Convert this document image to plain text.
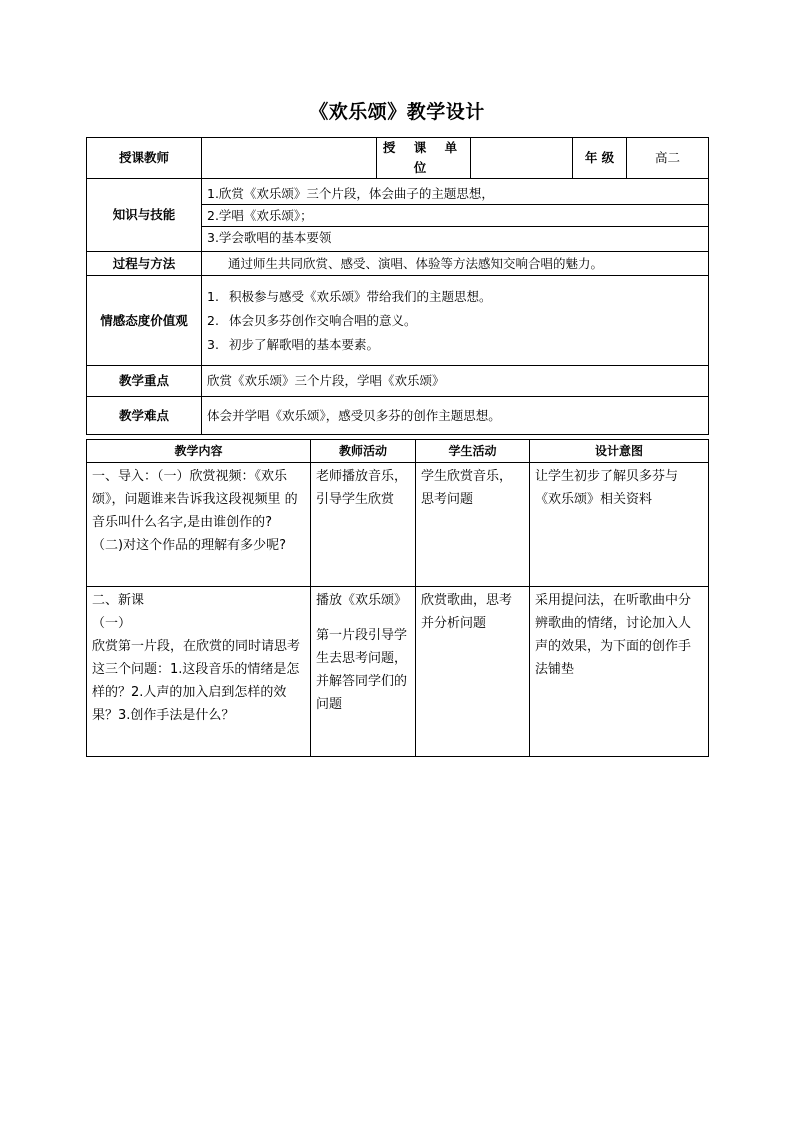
《欢乐颂》教学设计
授课教师		授 课 单 位		年 级	高二
知识与技能	1.欣赏《欢乐颂》三个片段，体会曲子的主题思想，
2.学唱《欢乐颂》；
3.学会歌唱的基本要领				

过程与方法	通过师生共同欣赏、感受、演唱、体验等方法感知交响合唱的魅力。				
情感态度价值观	1. 积极参与感受《欢乐颂》带给我们的主题思想。
2. 体会贝多芬创作交响合唱的意义。
3. 初步了解歌唱的基本要素。				

教学重点	欣赏《欢乐颂》三个片段，学唱《欢乐颂》				
教学难点	体会并学唱《欢乐颂》，感受贝多芬的创作主题思想。				
教学内容	教师活动	学生活动	设计意图

一、导入：（一）欣赏视频：《欢乐颂》，问题谁来告诉我这段视频里 的音乐叫什么名字,是由谁创作的?
（二)对这个作品的理解有多少呢?	老师播放音乐，引导学生欣赏	学生欣赏音乐，思考问题	让学生初步了解贝多芬与《欢乐颂》相关资料

二、新课
（一）
欣赏第一片段，在欣赏的同时请思考这三个问题：1.这段音乐的情绪是怎样的？2.人声的加入启到怎样的效果？3.创作手法是什么？	播放《欢乐颂》
第一片段引导学生去思考问题，并解答同学们的问题	欣赏歌曲，思考并分析问题	采用提问法，在听歌曲中分辨歌曲的情绪，讨论加入人声的效果，为下面的创作手法铺垫
